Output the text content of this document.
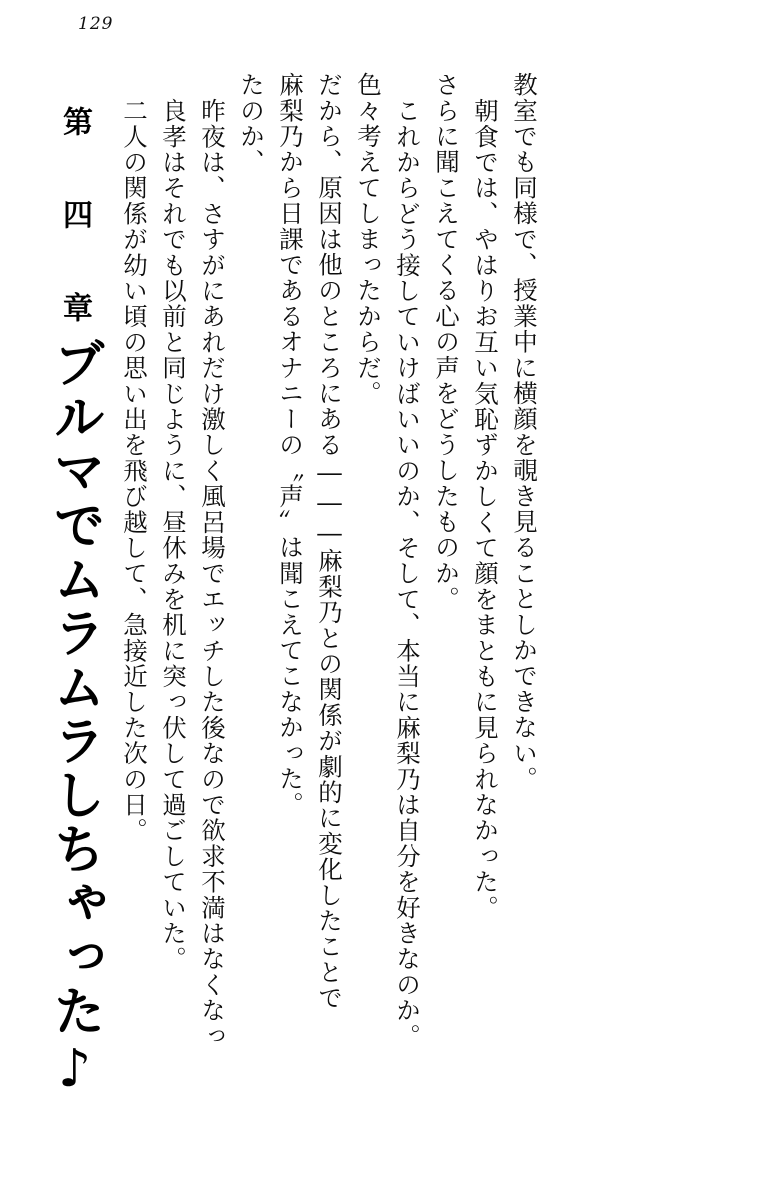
129
第 四 章ブルマでムラムラしちゃった♪ 二人の関係が幼い頃の思い出を飛び越して、急接近した次の日。 良孝はそれでも以前と同じように、昼休みを机に突っ伏して過ごしていた。 昨夜は、さすがにあれだけ激しく風呂場でエッチした後なので欲求不満はなくなっ たのか、 麻梨乃から日課であるオナニーの〝声〟は聞こえてこなかった。 だから、原因は他のところにある―――麻梨乃との関係が劇的に変化したことで 色々考えてしまったからだ。 これからどう接していけばいいのか、そして、本当に麻梨乃は自分を好きなのか。 さらに聞こえてくる心の声をどうしたものか。 朝食では、やはりお互い気恥ずかしくて顔をまともに見られなかった。 教室でも同様で、授業中に横顔を覗き見ることしかできない。
